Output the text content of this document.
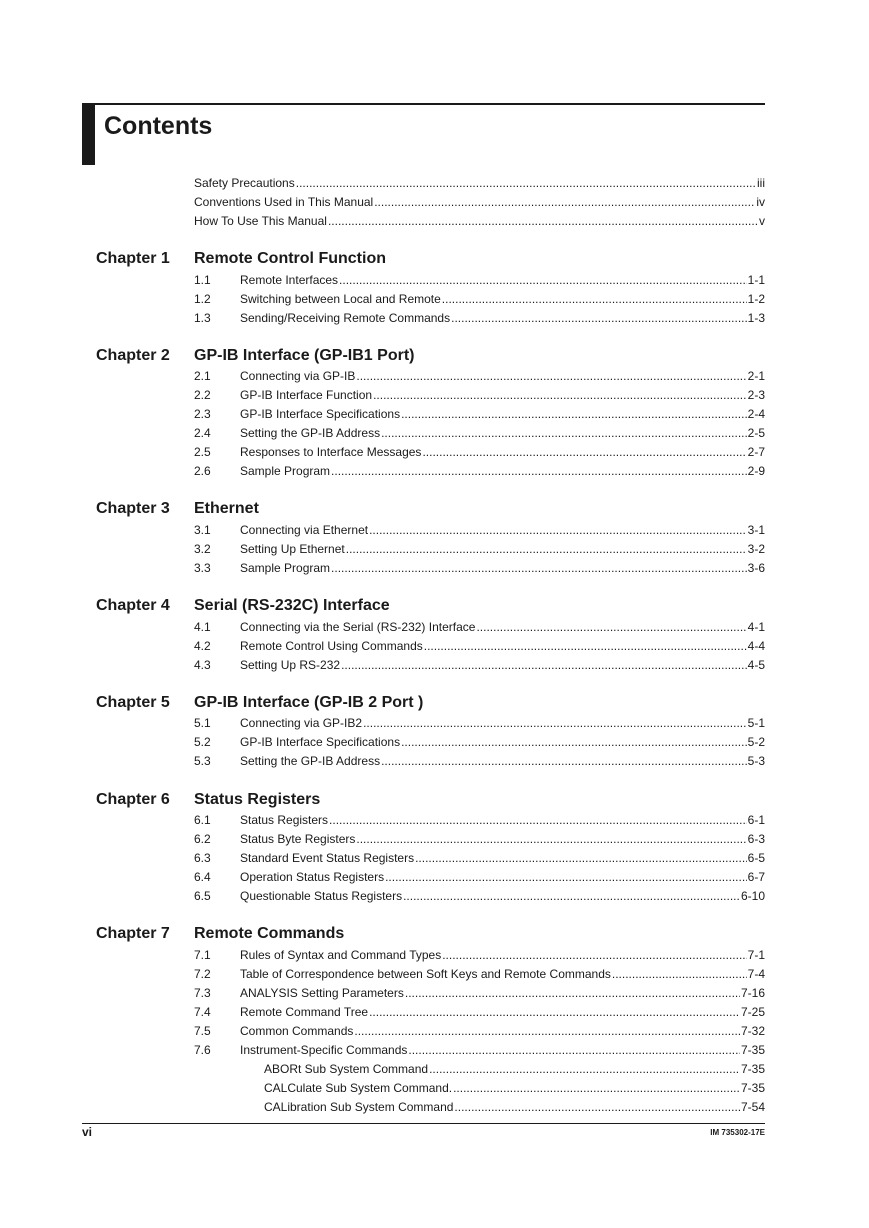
Contents
Safety Precautions .....	iii
Conventions Used in This Manual .....	iv
How To Use This Manual .....	v
Chapter 1 Remote Control Function
1.1 Remote Interfaces .....	1-1
1.2 Switching between Local and Remote .....	1-2
1.3 Sending/Receiving Remote Commands .....	1-3
Chapter 2 GP-IB Interface (GP-IB1 Port)
2.1 Connecting via GP-IB .....	2-1
2.2 GP-IB Interface Function .....	2-3
2.3 GP-IB Interface Specifications .....	2-4
2.4 Setting the GP-IB Address .....	2-5
2.5 Responses to Interface Messages .....	2-7
2.6 Sample Program .....	2-9
Chapter 3 Ethernet
3.1 Connecting via Ethernet .....	3-1
3.2 Setting Up Ethernet .....	3-2
3.3 Sample Program .....	3-6
Chapter 4 Serial (RS-232C) Interface
4.1 Connecting via the Serial (RS-232) Interface .....	4-1
4.2 Remote Control Using Commands .....	4-4
4.3 Setting Up RS-232 .....	4-5
Chapter 5 GP-IB Interface (GP-IB 2 Port )
5.1 Connecting via GP-IB2 .....	5-1
5.2 GP-IB Interface Specifications .....	5-2
5.3 Setting the GP-IB Address .....	5-3
Chapter 6 Status Registers
6.1 Status Registers .....	6-1
6.2 Status Byte Registers .....	6-3
6.3 Standard Event Status Registers .....	6-5
6.4 Operation Status Registers .....	6-7
6.5 Questionable Status Registers .....	6-10
Chapter 7 Remote Commands
7.1 Rules of Syntax and Command Types .....	7-1
7.2 Table of Correspondence between Soft Keys and Remote Commands .....	7-4
7.3 ANALYSIS Setting Parameters .....	7-16
7.4 Remote Command Tree .....	7-25
7.5 Common Commands .....	7-32
7.6 Instrument-Specific Commands .....	7-35
ABORt Sub System Command .....	7-35
CALCulate Sub System Command. .....	7-35
CALibration Sub System Command .....	7-54
vi	IM 735302-17E
